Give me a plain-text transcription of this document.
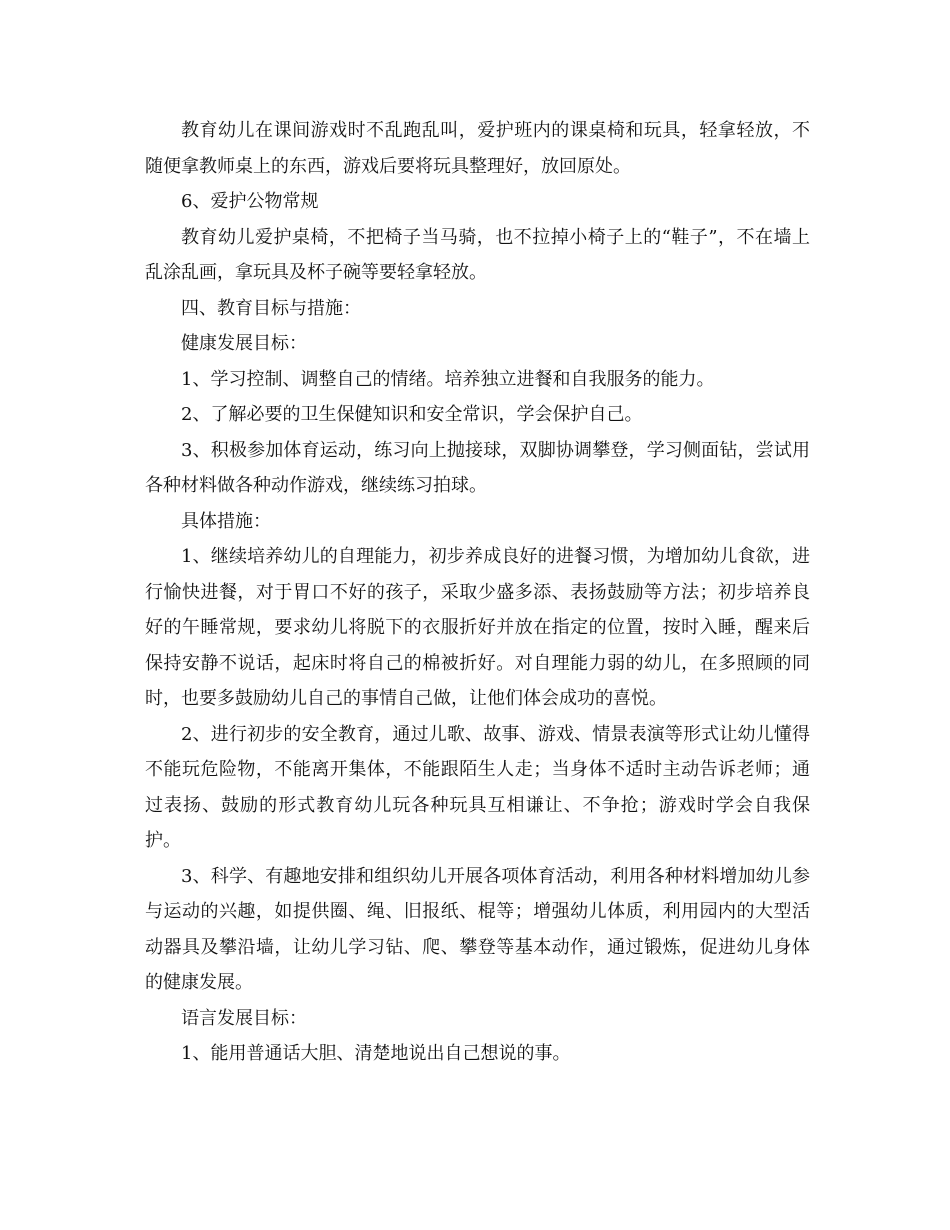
教育幼儿在课间游戏时不乱跑乱叫，爱护班内的课桌椅和玩具，轻拿轻放，不随便拿教师桌上的东西，游戏后要将玩具整理好，放回原处。

6、爱护公物常规

教育幼儿爱护桌椅，不把椅子当马骑，也不拉掉小椅子上的“鞋子”，不在墙上乱涂乱画，拿玩具及杯子碗等要轻拿轻放。

四、教育目标与措施：

健康发展目标：

1、学习控制、调整自己的情绪。培养独立进餐和自我服务的能力。

2、了解必要的卫生保健知识和安全常识，学会保护自己。

3、积极参加体育运动，练习向上抛接球，双脚协调攀登，学习侧面钻，尝试用各种材料做各种动作游戏，继续练习拍球。

具体措施：

1、继续培养幼儿的自理能力，初步养成良好的进餐习惯，为增加幼儿食欲，进行愉快进餐，对于胃口不好的孩子，采取少盛多添、表扬鼓励等方法；初步培养良好的午睡常规，要求幼儿将脱下的衣服折好并放在指定的位置，按时入睡，醒来后保持安静不说话，起床时将自己的棉被折好。对自理能力弱的幼儿，在多照顾的同时，也要多鼓励幼儿自己的事情自己做，让他们体会成功的喜悦。

2、进行初步的安全教育，通过儿歌、故事、游戏、情景表演等形式让幼儿懂得不能玩危险物，不能离开集体，不能跟陌生人走；当身体不适时主动告诉老师；通过表扬、鼓励的形式教育幼儿玩各种玩具互相谦让、不争抢；游戏时学会自我保护。

3、科学、有趣地安排和组织幼儿开展各项体育活动，利用各种材料增加幼儿参与运动的兴趣，如提供圈、绳、旧报纸、棍等；增强幼儿体质，利用园内的大型活动器具及攀沿墙，让幼儿学习钻、爬、攀登等基本动作，通过锻炼，促进幼儿身体的健康发展。

语言发展目标：

1、能用普通话大胆、清楚地说出自己想说的事。
